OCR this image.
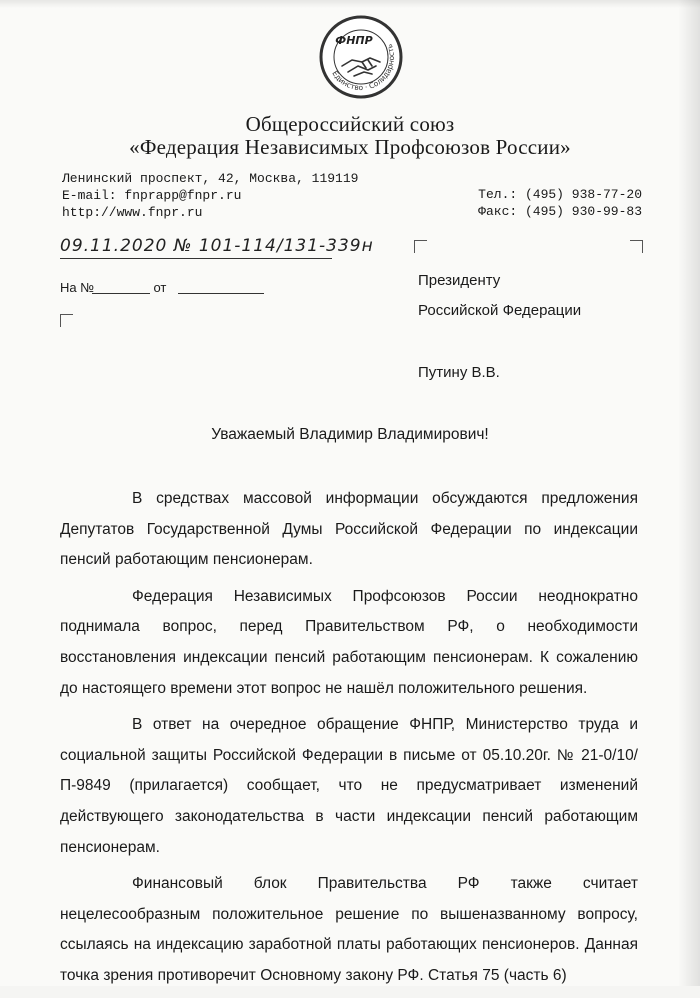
Единство · Солидарность
ФНПР
Общероссийский союз
«Федерация Независимых Профсоюзов России»
Ленинский проспект, 42, Москва, 119119
E-mail: fnprapp@fnpr.ru
http://www.fnpr.ru
Тел.: (495) 938-77-20
Факс: (495) 930-99-83
09.11.2020 № 101-114/131-339н
На №	от	Президенту
Российской Федерации
Путину В.В.
Уважаемый Владимир Владимирович!

В средствах массовой информации обсуждаются предложения Депутатов Государственной Думы Российской Федерации по индексации пенсий работающим пенсионерам.

Федерация Независимых Профсоюзов России неоднократно поднимала вопрос, перед Правительством РФ, о необходимости восстановления индексации пенсий работающим пенсионерам. К сожалению до настоящего времени этот вопрос не нашёл положительного решения.

В ответ на очередное обращение ФНПР, Министерство труда и социальной защиты Российской Федерации в письме от 05.10.20г. № 21-0/10/П-9849 (прилагается) сообщает, что не предусматривает изменений действующего законодательства в части индексации пенсий работающим пенсионерам.

Финансовый блок Правительства РФ также считает нецелесообразным положительное решение по вышеназванному вопросу, ссылаясь на индексацию заработной платы работающих пенсионеров. Данная точка зрения противоречит Основному закону РФ. Статья 75 (часть 6)
